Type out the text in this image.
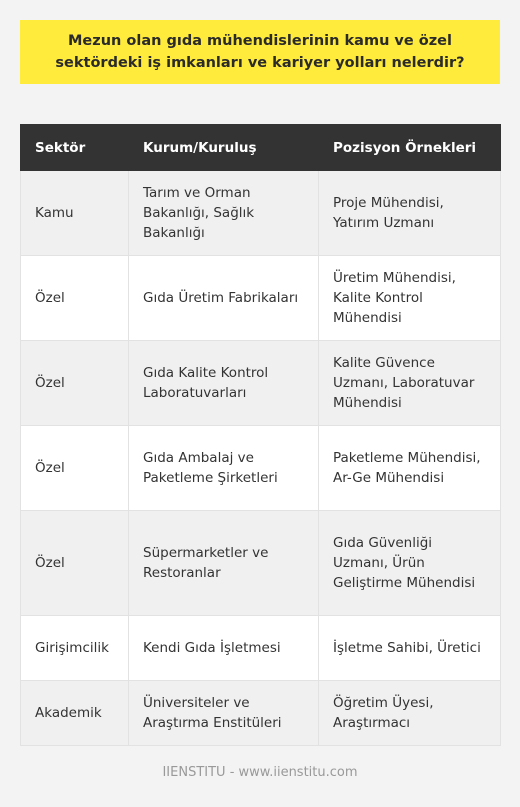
Mezun olan gıda mühendislerinin kamu ve özel sektördeki iş imkanları ve kariyer yolları nelerdir?
Sektör	Kurum/Kuruluş	Pozisyon Örnekleri
Kamu	Tarım ve Orman Bakanlığı, Sağlık Bakanlığı	Proje Mühendisi, Yatırım Uzmanı
Özel	Gıda Üretim Fabrikaları	Üretim Mühendisi, Kalite Kontrol Mühendisi
Özel	Gıda Kalite Kontrol Laboratuvarları	Kalite Güvence Uzmanı, Laboratuvar Mühendisi
Özel	Gıda Ambalaj ve Paketleme Şirketleri	Paketleme Mühendisi, Ar-Ge Mühendisi
Özel	Süpermarketler ve Restoranlar	Gıda Güvenliği Uzmanı, Ürün Geliştirme Mühendisi
Girişimcilik	Kendi Gıda İşletmesi	İşletme Sahibi, Üretici
Akademik	Üniversiteler ve Araştırma Enstitüleri	Öğretim Üyesi, Araştırmacı
IIENSTITU - www.iienstitu.com
